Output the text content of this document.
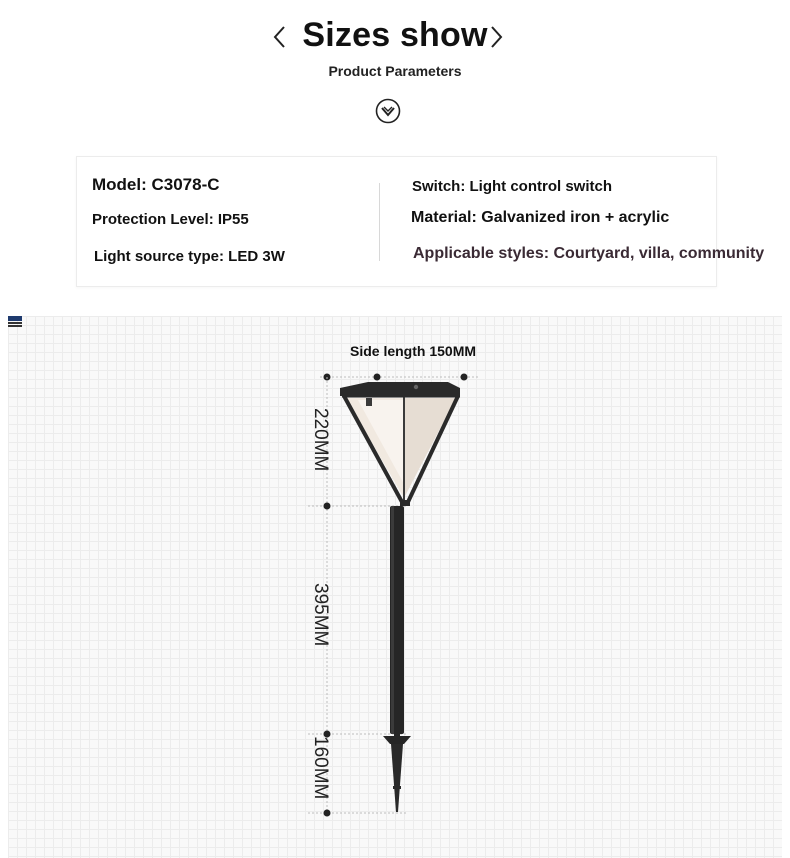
Sizes show
Product Parameters
Model: C3078-C
Protection Level: IP55
Light source type: LED 3W
Switch: Light control switch
Material: Galvanized iron + acrylic
Applicable styles: Courtyard, villa, community
Side length 150MM
220MM
395MM
160MM
